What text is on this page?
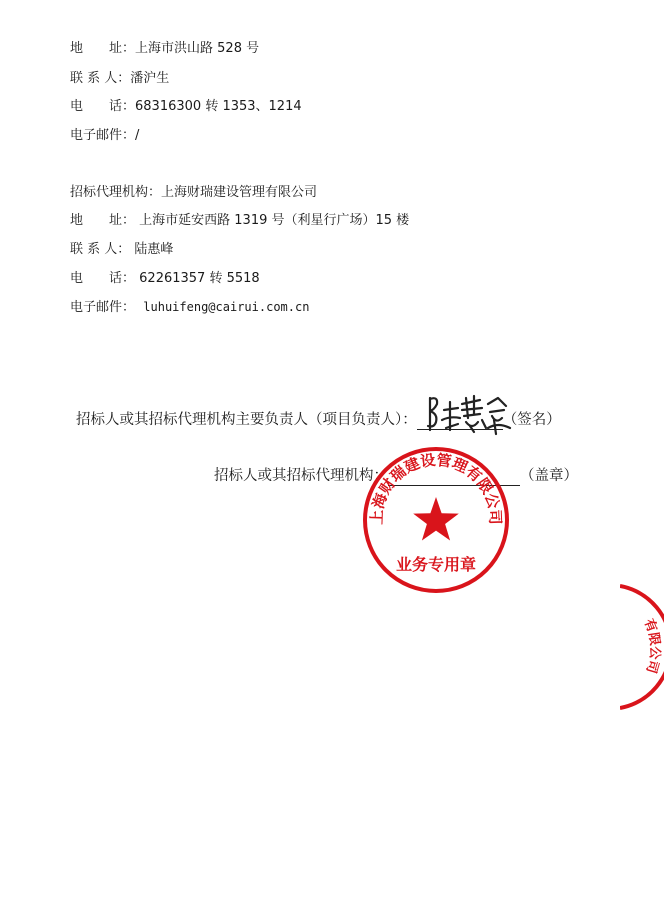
地　　址：上海市洪山路 528 号
联 系 人：潘沪生
电　　话：68316300 转 1353、1214
电子邮件：/
招标代理机构：上海财瑞建设管理有限公司
地　　址： 上海市延安西路 1319 号（利星行广场）15 楼
联 系 人： 陆惠峰
电　　话： 62261357 转 5518
电子邮件： luhuifeng@cairui.com.cn
招标人或其招标代理机构主要负责人（项目负责人）：	（签名）
招标人或其招标代理机构：	（盖章）
上海财瑞建设管理有限公司
业务专用章
有限公司
